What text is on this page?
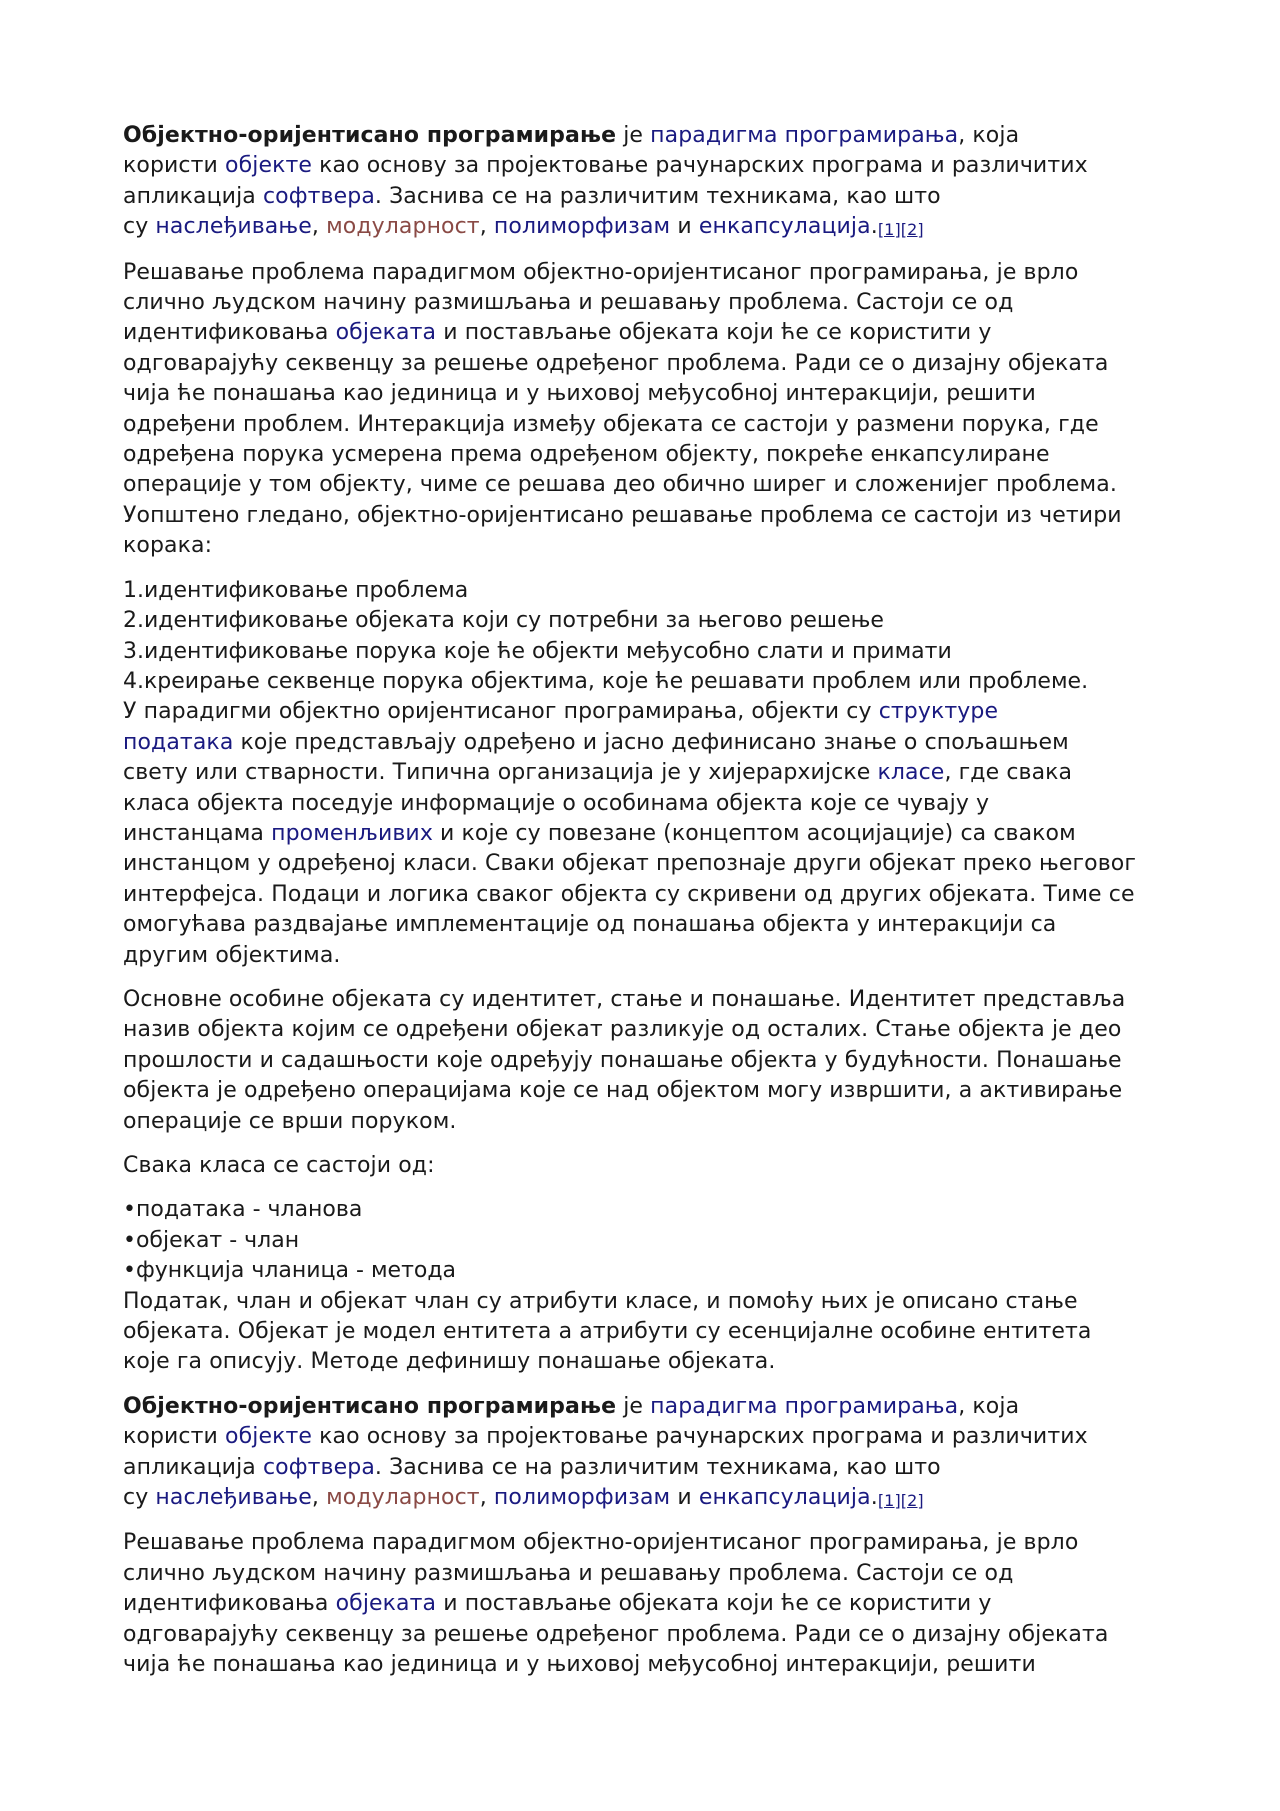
Објектно-оријентисано програмирање је парадигма програмирања, која
користи објекте као основу за пројектовање рачунарских програма и различитих
апликација софтвера. Заснива се на различитим техникама, као што
су наслеђивање, модуларност, полиморфизам и енкапсулација.[1][2]

Решавање проблема парадигмом објектно-оријентисаног програмирања, је врло
слично људском начину размишљања и решавању проблема. Састоји се од
идентификовања објеката и постављање објеката који ће се користити у
одговарајућу секвенцу за решење одређеног проблема. Ради се о дизајну објеката
чија ће понашања као јединица и у њиховој међусобној интеракцији, решити
одређени проблем. Интеракција између објеката се састоји у размени порука, где
одређена порука усмерена према одређеном објекту, покреће енкапсулиране
операције у том објекту, чиме се решава део обично ширег и сложенијег проблема.
Уопштено гледано, објектно-оријентисано решавање проблема се састоји из четири
корака:

1.идентификовање проблема
2.идентификовање објеката који су потребни за његово решење
3.идентификовање порука које ће објекти међусобно слати и примати
4.креирање секвенце порука објектима, које ће решавати проблем или проблеме.

У парадигми објектно оријентисаног програмирања, објекти су структуре
података које представљају одређено и јасно дефинисано знање о спољашњем
свету или стварности. Типична организација је у хијерархијске класе, где свака
класа објекта поседује информације о особинама објекта које се чувају у
инстанцама променљивих и које су повезане (концептом асоцијације) са сваком
инстанцом у одређеној класи. Сваки објекат препознаје други објекат преко његовог
интерфејса. Подаци и логика сваког објекта су скривени од других објеката. Тиме се
омогућава раздвајање имплементације од понашања објекта у интеракцији са
другим објектима.

Основне особине објеката су идентитет, стање и понашање. Идентитет представља
назив објекта којим се одређени објекат разликује од осталих. Стање објекта је део
прошлости и садашњости које одређују понашање објекта у будућности. Понашање
објекта је одређено операцијама које се над објектом могу извршити, а активирање
операције се врши поруком.

Свака класа се састоји од:

•података - чланова
•објекат - члан
•функција чланица - метода

Податак, члан и објекат члан су атрибути класе, и помоћу њих је описано стање
објеката. Објекат је модел ентитета а атрибути су есенцијалне особине ентитета
које га описују. Методе дефинишу понашање објеката.

Објектно-оријентисано програмирање је парадигма програмирања, која
користи објекте као основу за пројектовање рачунарских програма и различитих
апликација софтвера. Заснива се на различитим техникама, као што
су наслеђивање, модуларност, полиморфизам и енкапсулација.[1][2]

Решавање проблема парадигмом објектно-оријентисаног програмирања, је врло
слично људском начину размишљања и решавању проблема. Састоји се од
идентификовања објеката и постављање објеката који ће се користити у
одговарајућу секвенцу за решење одређеног проблема. Ради се о дизајну објеката
чија ће понашања као јединица и у њиховој међусобној интеракцији, решити
